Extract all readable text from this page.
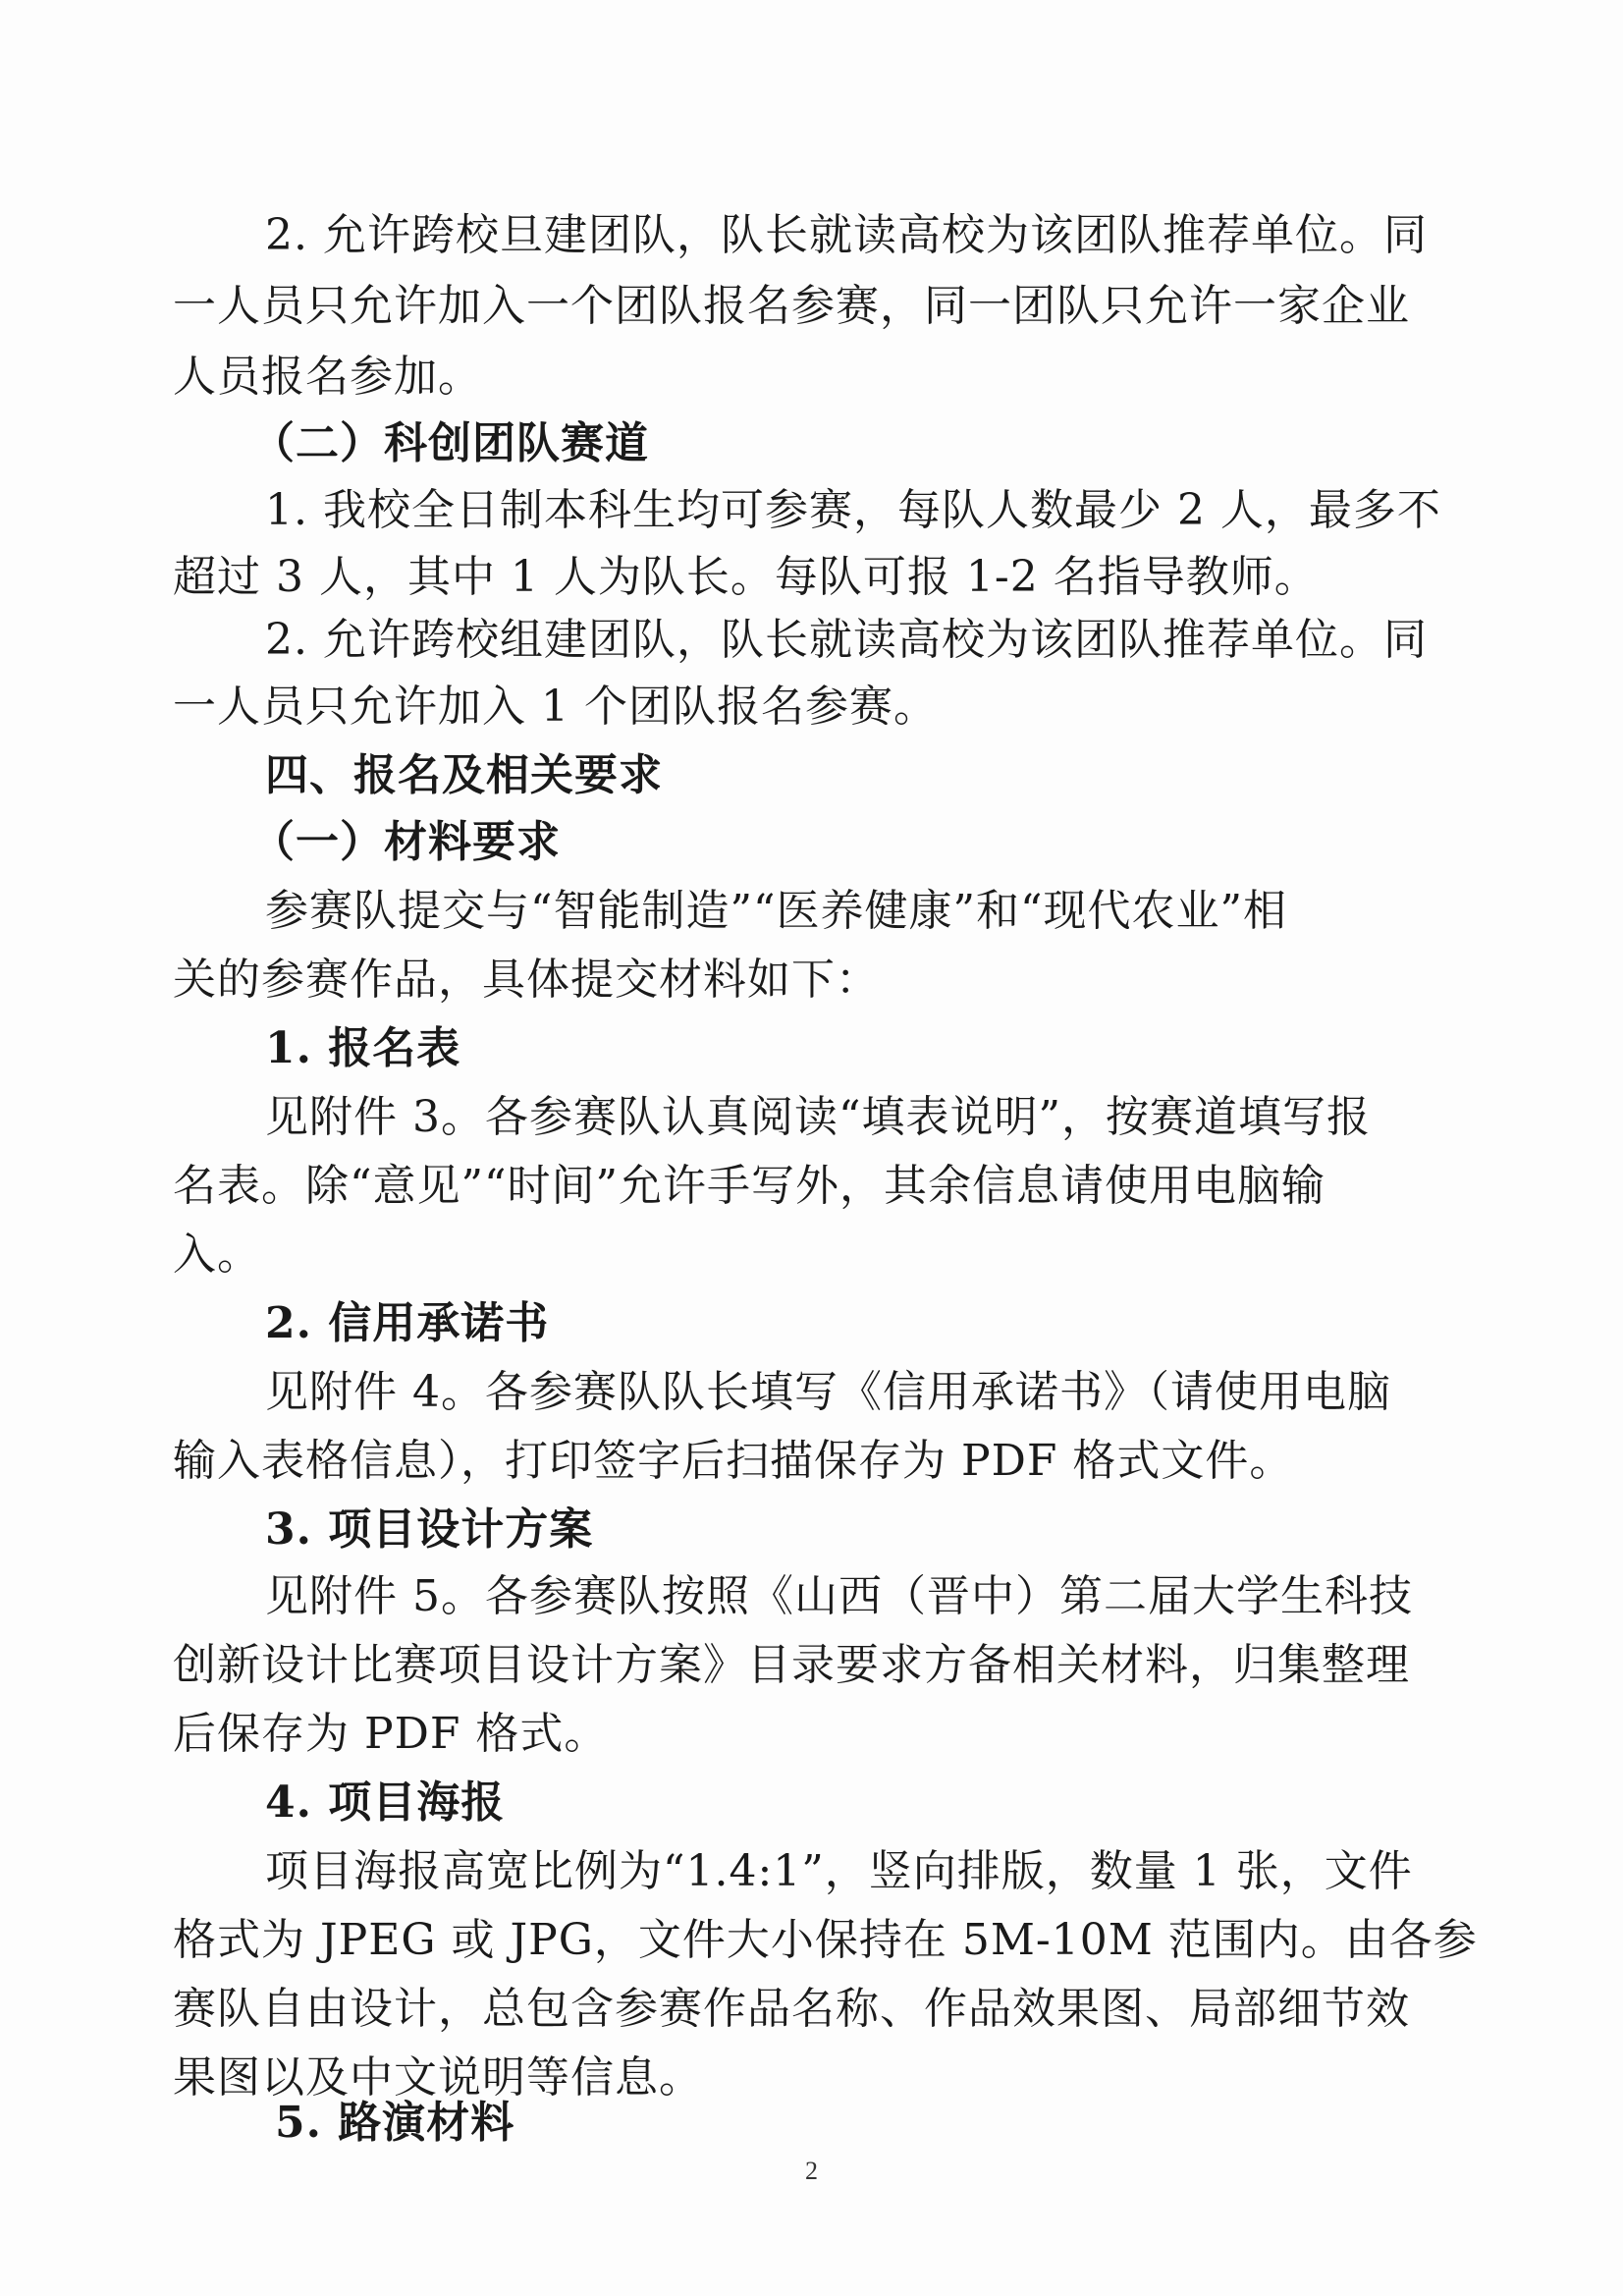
2. 允许跨校旦建团队，队长就读高校为该团队推荐单位。同
一人员只允许加入一个团队报名参赛，同一团队只允许一家企业
人员报名参加。
（二）科创团队赛道
1. 我校全日制本科生均可参赛，每队人数最少 2 人，最多不
超过 3 人，其中 1 人为队长。每队可报 1-2 名指导教师。
2. 允许跨校组建团队，队长就读高校为该团队推荐单位。同
一人员只允许加入 1 个团队报名参赛。
四、报名及相关要求
（一）材料要求
参赛队提交与“智能制造”“医养健康”和“现代农业”相
关的参赛作品，具体提交材料如下：
1. 报名表
见附件 3。各参赛队认真阅读“填表说明”，按赛道填写报
名表。除“意见”“时间”允许手写外，其余信息请使用电脑输
入。
2. 信用承诺书
见附件 4。各参赛队队长填写《信用承诺书》（请使用电脑
输入表格信息），打印签字后扫描保存为 PDF 格式文件。
3. 项目设计方案
见附件 5。各参赛队按照《山西（晋中）第二届大学生科技
创新设计比赛项目设计方案》目录要求方备相关材料，归集整理
后保存为 PDF 格式。
4. 项目海报
项目海报高宽比例为“1.4:1”，竖向排版，数量 1 张，文件
格式为 JPEG 或 JPG，文件大小保持在 5M-10M 范围内。由各参
赛队自由设计，总包含参赛作品名称、作品效果图、局部细节效
果图以及中文说明等信息。
5. 路演材料
2
